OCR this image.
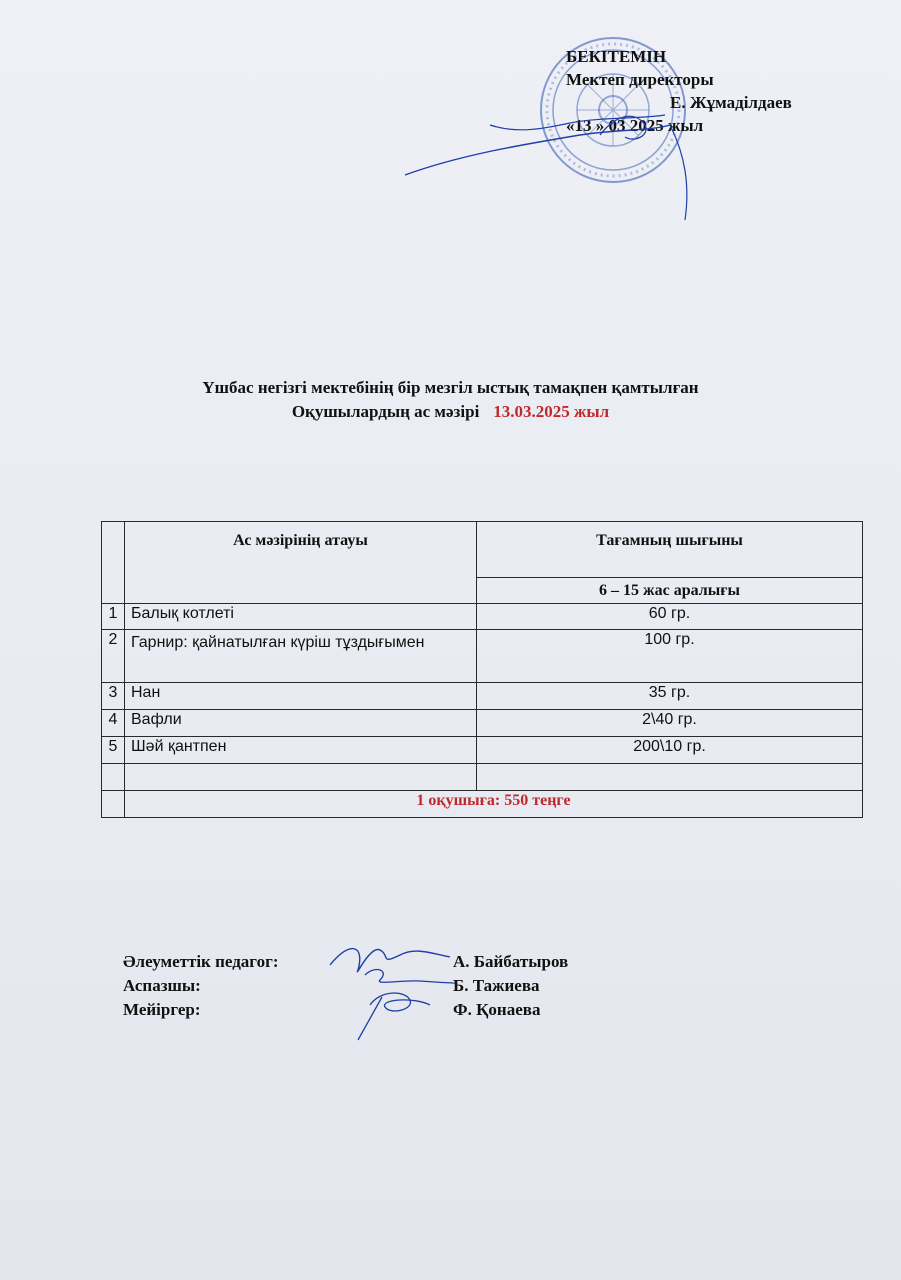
БЕКІТЕМІН
Мектеп директоры
Е. Жұмаділдаев
«13 » 03 2025 жыл
Үшбас негізгі мектебінің бір мезгіл ыстық тамақпен қамтылған
Оқушылардың ас мәзірі 13.03.2025 жыл
	Ас мәзірінің атауы	Тағамның шығыны
		6 – 15 жас аралығы
1	Балық котлеті	60 гр.
2	Гарнир: қайнатылған күріш тұздығымен	100 гр.
3	Нан	35 гр.
4	Вафли	2\40 гр.
5	Шәй қантпен	200\10 гр.

	1 оқушыға: 550 теңге	
Әлеуметтік педагог:	А. Байбатыров
Аспазшы:	Б. Тажиева
Мейіргер:	Ф. Қонаева
